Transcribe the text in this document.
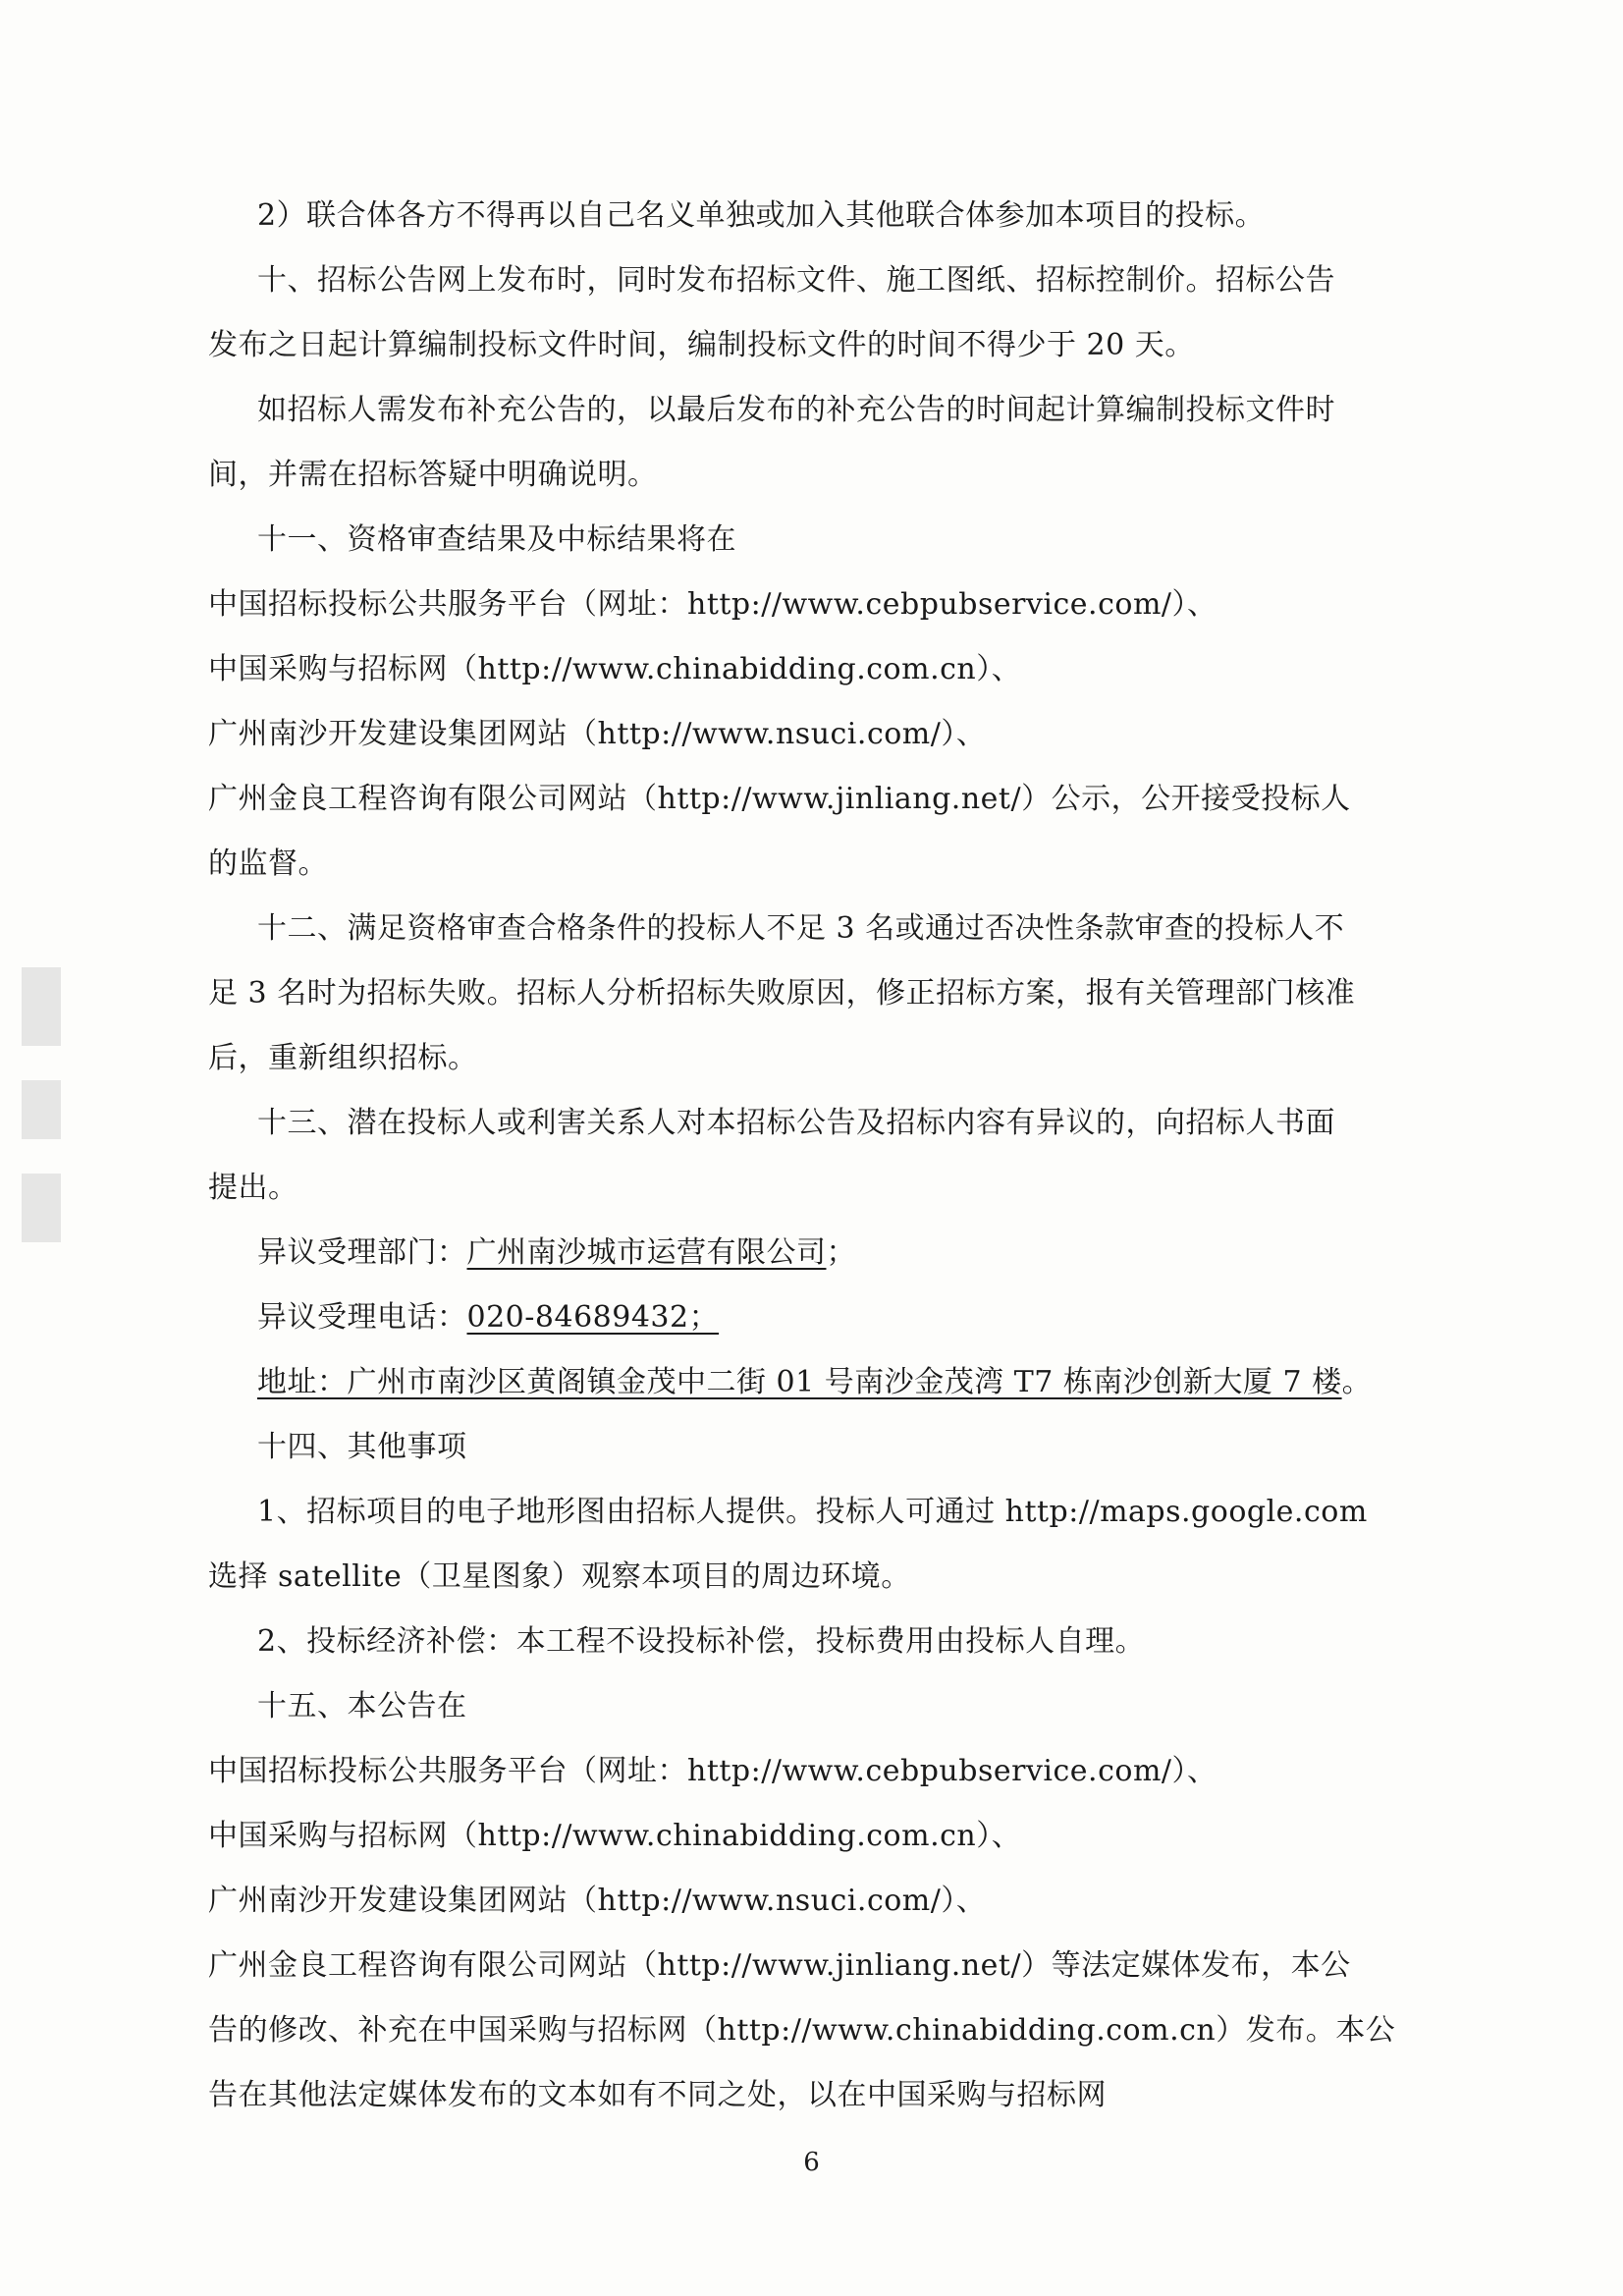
2）联合体各方不得再以自己名义单独或加入其他联合体参加本项目的投标。
十、招标公告网上发布时，同时发布招标文件、施工图纸、招标控制价。招标公告
发布之日起计算编制投标文件时间，编制投标文件的时间不得少于 20 天。
如招标人需发布补充公告的，以最后发布的补充公告的时间起计算编制投标文件时
间，并需在招标答疑中明确说明。
十一、资格审查结果及中标结果将在
中国招标投标公共服务平台（网址：http://www.cebpubservice.com/）、
中国采购与招标网（http://www.chinabidding.com.cn）、
广州南沙开发建设集团网站（http://www.nsuci.com/）、
广州金良工程咨询有限公司网站（http://www.jinliang.net/）公示，公开接受投标人
的监督。
十二、满足资格审查合格条件的投标人不足 3 名或通过否决性条款审查的投标人不
足 3 名时为招标失败。招标人分析招标失败原因，修正招标方案，报有关管理部门核准
后，重新组织招标。
十三、潜在投标人或利害关系人对本招标公告及招标内容有异议的，向招标人书面
提出。
异议受理部门：广州南沙城市运营有限公司；
异议受理电话：020-84689432；
地址：广州市南沙区黄阁镇金茂中二街 01 号南沙金茂湾 T7 栋南沙创新大厦 7 楼。
十四、其他事项
1、招标项目的电子地形图由招标人提供。投标人可通过 http://maps.google.com
选择 satellite（卫星图象）观察本项目的周边环境。
2、投标经济补偿：本工程不设投标补偿，投标费用由投标人自理。
十五、本公告在
中国招标投标公共服务平台（网址：http://www.cebpubservice.com/）、
中国采购与招标网（http://www.chinabidding.com.cn）、
广州南沙开发建设集团网站（http://www.nsuci.com/）、
广州金良工程咨询有限公司网站（http://www.jinliang.net/）等法定媒体发布，本公
告的修改、补充在中国采购与招标网（http://www.chinabidding.com.cn）发布。本公
告在其他法定媒体发布的文本如有不同之处，以在中国采购与招标网
6
